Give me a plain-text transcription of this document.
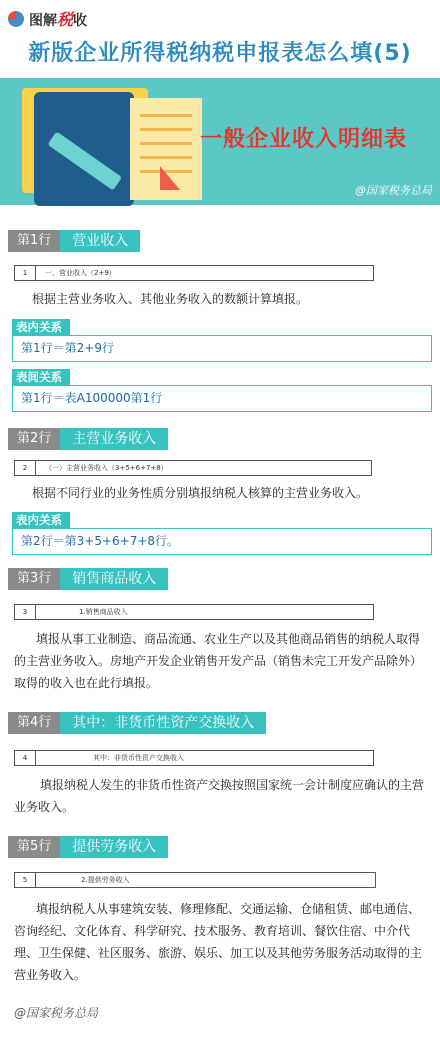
图解税收
新版企业所得税纳税申报表怎么填(5)
一般企业收入明细表
@国家税务总局
第1行	营业收入
1	一、营业收入（2+9）
根据主营业务收入、其他业务收入的数额计算填报。
表内关系
第1行＝第2+9行
表间关系
第1行＝表A100000第1行
第2行	主营业务收入
2	（一）主营业务收入（3+5+6+7+8）
根据不同行业的业务性质分别填报纳税人核算的主营业务收入。
表内关系
第2行＝第3+5+6+7+8行。
第3行	销售商品收入
3	1.销售商品收入
填报从事工业制造、商品流通、农业生产以及其他商品销售的纳税人取得的主营业务收入。房地产开发企业销售开发产品（销售未完工开发产品除外）取得的收入也在此行填报。
第4行	其中：非货币性资产交换收入
4	其中：非货币性资产交换收入
填报纳税人发生的非货币性资产交换按照国家统一会计制度应确认的主营业务收入。
第5行	提供劳务收入
5	2.提供劳务收入
填报纳税人从事建筑安装、修理修配、交通运输、仓储租赁、邮电通信、咨询经纪、文化体育、科学研究、技术服务、教育培训、餐饮住宿、中介代理、卫生保健、社区服务、旅游、娱乐、加工以及其他劳务服务活动取得的主营业务收入。
@国家税务总局
